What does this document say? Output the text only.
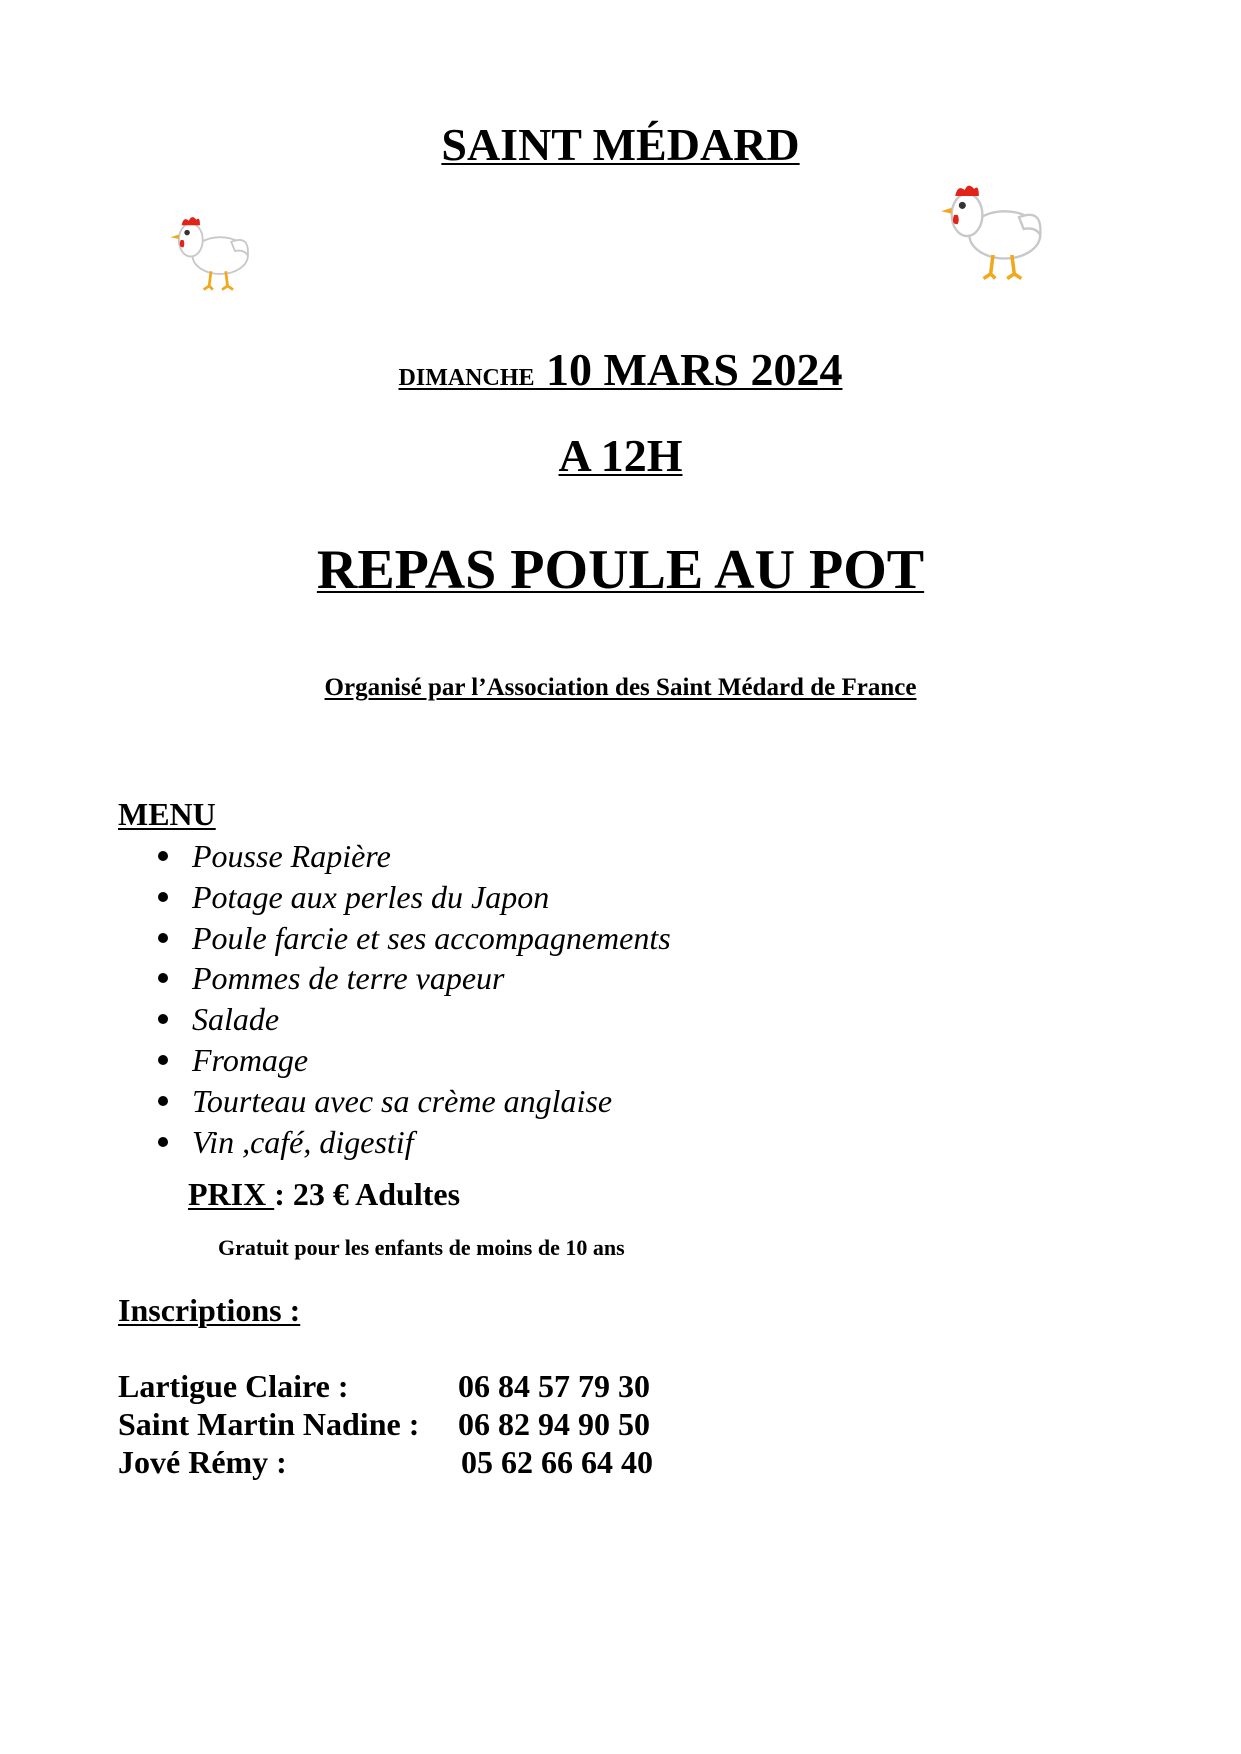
SAINT MÉDARD
DIMANCHE 10 MARS 2024
A 12H
REPAS POULE AU POT
Organisé par l’Association des Saint Médard de France
MENU
Pousse Rapière
Potage aux perles du Japon
Poule farcie et ses accompagnements
Pommes de terre vapeur
Salade
Fromage
Tourteau avec sa crème anglaise
Vin ,café, digestif
PRIX : 23 € Adultes
Gratuit pour les enfants de moins de 10 ans
Inscriptions :
Lartigue Claire :	06 84 57 79 30
Saint Martin Nadine : 06 82 94 90 50
Jové Rémy :	05 62 66 64 40
